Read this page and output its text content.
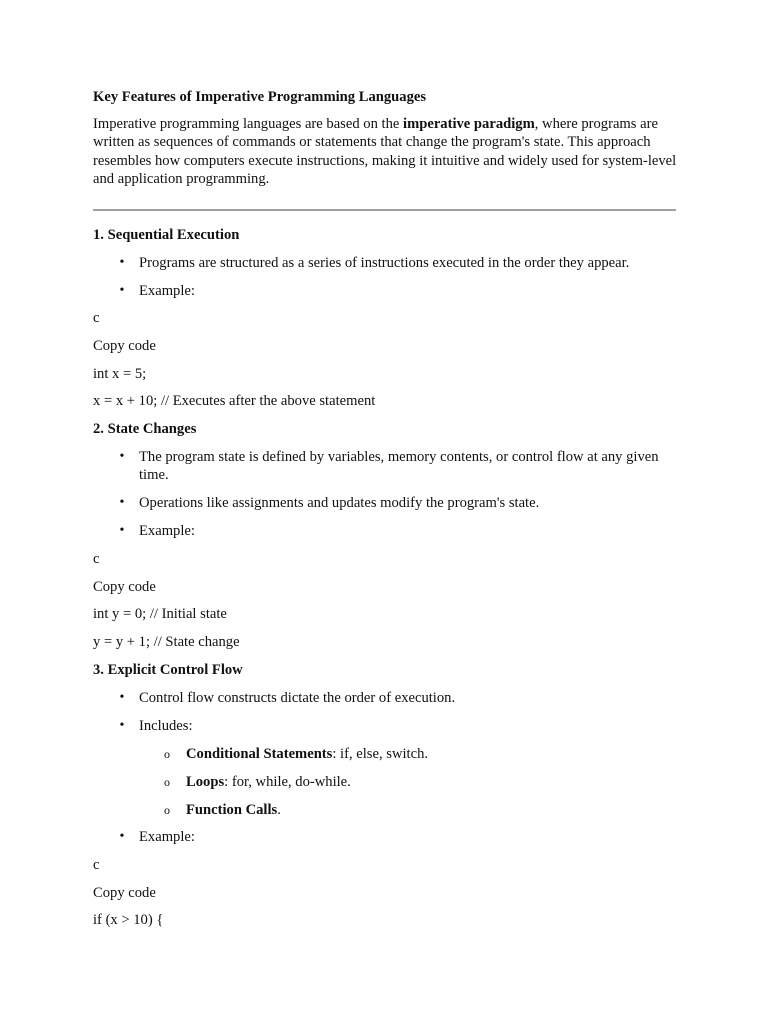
Key Features of Imperative Programming Languages
Imperative programming languages are based on the imperative paradigm, where programs are written as sequences of commands or statements that change the program's state. This approach resembles how computers execute instructions, making it intuitive and widely used for system-level and application programming.
1. Sequential Execution
• Programs are structured as a series of instructions executed in the order they appear.
• Example:
c
Copy code
int x = 5;
x = x + 10; // Executes after the above statement
2. State Changes
• The program state is defined by variables, memory contents, or control flow at any given time.
• Operations like assignments and updates modify the program's state.
• Example:
c
Copy code
int y = 0; // Initial state
y = y + 1; // State change
3. Explicit Control Flow
• Control flow constructs dictate the order of execution.
• Includes:
o Conditional Statements: if, else, switch.
o Loops: for, while, do-while.
o Function Calls.
• Example:
c
Copy code
if (x > 10) {
